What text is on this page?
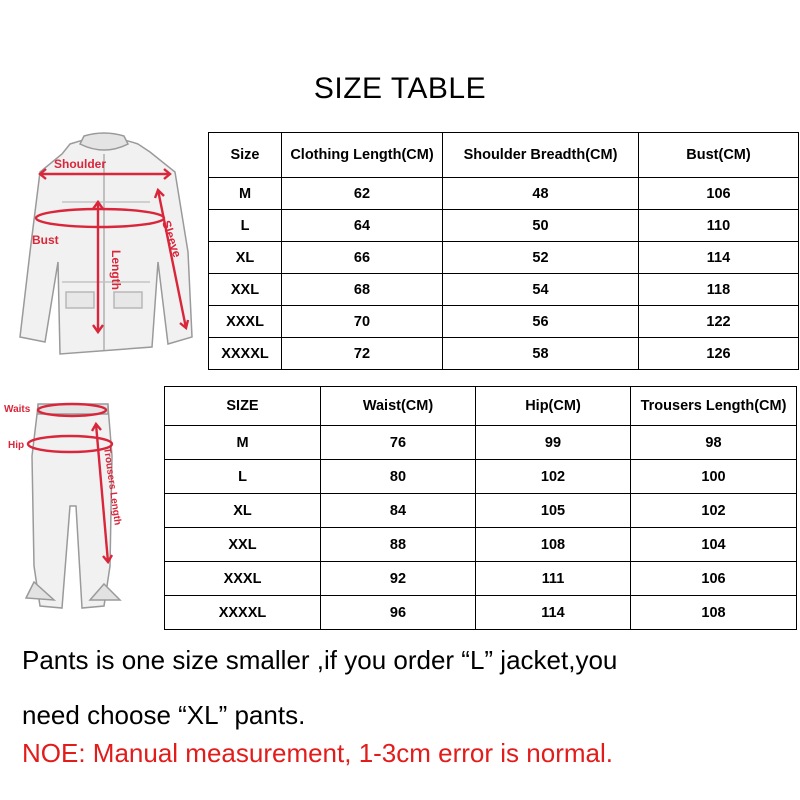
SIZE TABLE
Shoulder
Bust	Sleeve
Length
Size	Clothing Length(CM)	Shoulder Breadth(CM)	Bust(CM)
M	62	48	106
L	64	50	110
XL	66	52	114
XXL	68	54	118
XXXL	70	56	122
XXXXL	72	58	126
Waits
Hip
Trousers Length
SIZE	Waist(CM)	Hip(CM)	Trousers Length(CM)
M	76	99	98
L	80	102	100
XL	84	105	102
XXL	88	108	104
XXXL	92	111	106
XXXXL	96	114	108
Pants is one size smaller ,if you order “L” jacket,you
need choose “XL” pants.
NOE: Manual measurement, 1-3cm error is normal.
